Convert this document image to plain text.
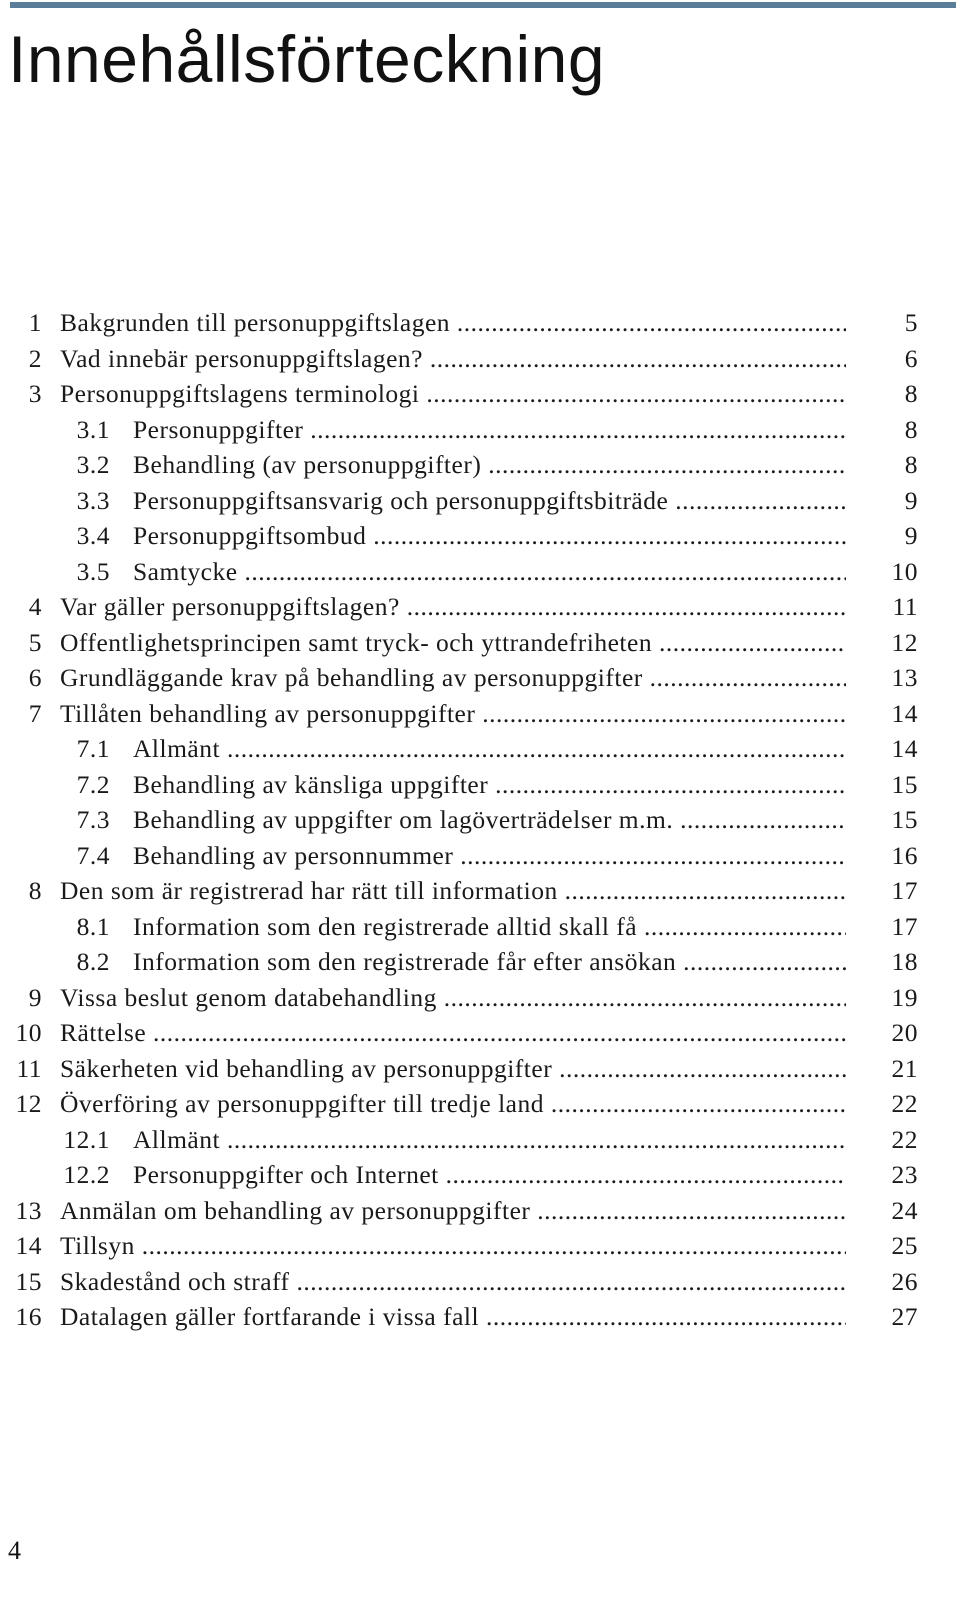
Innehållsförteckning
1 Bakgrunden till personuppgiftslagen .....	5
2 Vad innebär personuppgiftslagen? .....	6
3 Personuppgiftslagens terminologi .....	8
3.1 Personuppgifter .....	8
3.2 Behandling (av personuppgifter) .....	8
3.3 Personuppgiftsansvarig och personuppgiftsbiträde .....	9
3.4 Personuppgiftsombud .....	9
3.5 Samtycke .....	10
4 Var gäller personuppgiftslagen? .....	11
5 Offentlighetsprincipen samt tryck- och yttrandefriheten .....	12
6 Grundläggande krav på behandling av personuppgifter .....	13
7 Tillåten behandling av personuppgifter .....	14
7.1 Allmänt .....	14
7.2 Behandling av känsliga uppgifter .....	15
7.3 Behandling av uppgifter om lagöverträdelser m.m. .....	15
7.4 Behandling av personnummer .....	16
8 Den som är registrerad har rätt till information .....	17
8.1 Information som den registrerade alltid skall få .....	17
8.2 Information som den registrerade får efter ansökan .....	18
9 Vissa beslut genom databehandling .....	19
10 Rättelse .....	20
11 Säkerheten vid behandling av personuppgifter .....	21
12 Överföring av personuppgifter till tredje land .....	22
12.1 Allmänt .....	22
12.2 Personuppgifter och Internet .....	23
13 Anmälan om behandling av personuppgifter .....	24
14 Tillsyn .....	25
15 Skadestånd och straff .....	26
16 Datalagen gäller fortfarande i vissa fall .....	27
4
